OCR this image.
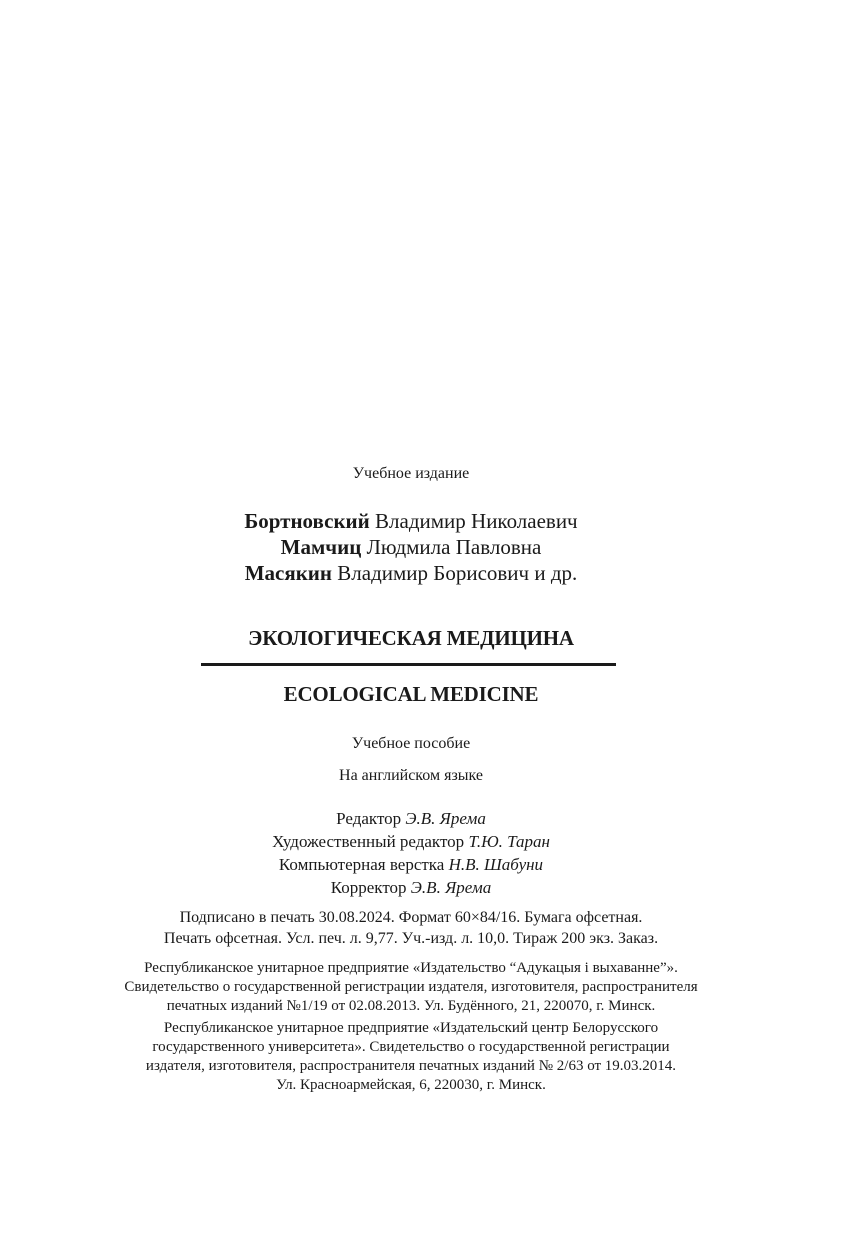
Учебное издание
Бортновский Владимир Николаевич
Мамчиц Людмила Павловна
Масякин Владимир Борисович и др.
ЭКОЛОГИЧЕСКАЯ МЕДИЦИНА
ECOLOGICAL MEDICINE
Учебное пособие
На английском языке
Редактор Э.В. Ярема
Художественный редактор Т.Ю. Таран
Компьютерная верстка Н.В. Шабуни
Корректор Э.В. Ярема
Подписано в печать 30.08.2024. Формат 60×84/16. Бумага офсетная.
Печать офсетная. Усл. печ. л. 9,77. Уч.-изд. л. 10,0. Тираж 200 экз. Заказ.
Республиканское унитарное предприятие «Издательство “Адукацыя і выхаванне”».
Свидетельство о государственной регистрации издателя, изготовителя, распространителя
печатных изданий №1/19 от 02.08.2013. Ул. Будённого, 21, 220070, г. Минск.
Республиканское унитарное предприятие «Издательский центр Белорусского
государственного университета». Свидетельство о государственной регистрации
издателя, изготовителя, распространителя печатных изданий № 2/63 от 19.03.2014.
Ул. Красноармейская, 6, 220030, г. Минск.
